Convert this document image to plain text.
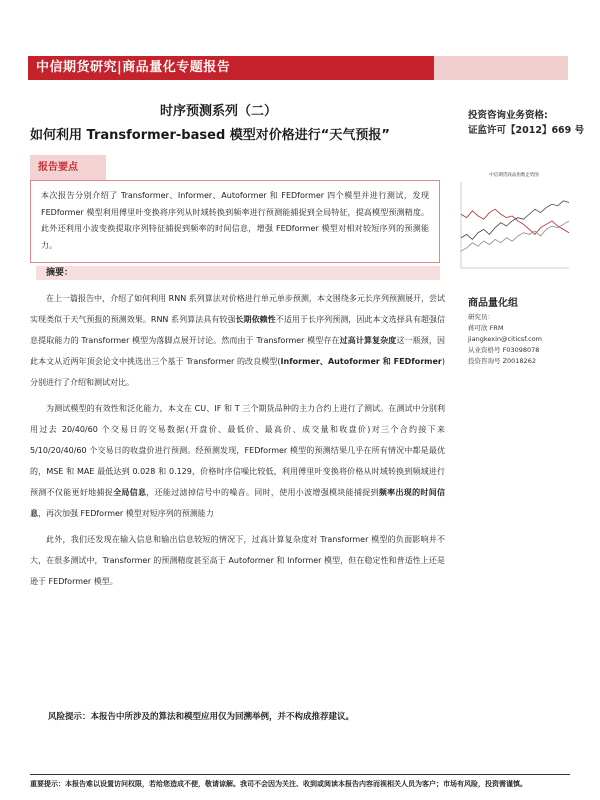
中信期货研究|商品量化专题报告
时序预测系列（二）
如何利用 Transformer-based 模型对价格进行“天气预报”
投资咨询业务资格:
证监许可【2012】669 号
报告要点
本次报告分别介绍了 Transformer、Informer、Autoformer 和 FEDformer 四个模型并进行测试，发现 FEDformer 模型利用傅里叶变换将序列从时域转换到频率进行预测能捕捉到全局特征，提高模型预测精度。此外还利用小波变换提取序列特征捕捉到频率的时间信息，增强 FEDformer 模型对相对较短序列的预测能力。
摘要：

在上一篇报告中，介绍了如何利用 RNN 系列算法对价格进行单元单步预测，本文围绕多元长序列预测展开，尝试实现类似于天气预报的预测效果。RNN 系列算法具有较强长期依赖性不适用于长序列预测，因此本文选择具有超强信息提取能力的 Transformer 模型为落脚点展开讨论。然而由于 Transformer 模型存在过高计算复杂度这一瓶颈，因此本文从近两年顶会论文中挑选出三个基于 Transformer 的改良模型(Informer、Autoformer 和 FEDformer)分别进行了介绍和测试对比。

为测试模型的有效性和泛化能力，本文在 CU、IF 和 T 三个期货品种的主力合约上进行了测试。在测试中分别利用过去 20/40/60 个交易日的交易数据(开盘价、最低价、最高价、成交量和收盘价)对三个合约接下来 5/10/20/40/60 个交易日的收盘价进行预测。经预测发现，FEDformer 模型的预测结果几乎在所有情况中都是最优的，MSE 和 MAE 最低达到 0.028 和 0.129，价格时序信噪比较低，利用傅里叶变换将价格从时域转换到频域进行预测不仅能更好地捕捉全局信息，还能过滤掉信号中的噪音。同时，使用小波增强模块能捕捉到频率出现的时间信息，再次加强 FEDformer 模型对短序列的预测能力

此外，我们还发现在输入信息和输出信息较短的情况下，过高计算复杂度对 Transformer 模型的负面影响并不大，在很多测试中，Transformer 的预测精度甚至高于 Autoformer 和 Informer 模型，但在稳定性和普适性上还是逊于 FEDformer 模型。

风险提示：本报告中所涉及的算法和模型应用仅为回溯举例，并不构成推荐建议。
重要提示：本报告难以设置访问权限，若给您造成不便，敬请谅解。我司不会因为关注、收到或阅读本报告内容而视相关人员为客户；市场有风险，投资需谨慎。
中信期货商品指数走势图
商品量化组
研究员：
蒋可欣 FRM
jiangkexin@citicsf.com
从业资格号 F03098078
投资咨询号 Z0018262
